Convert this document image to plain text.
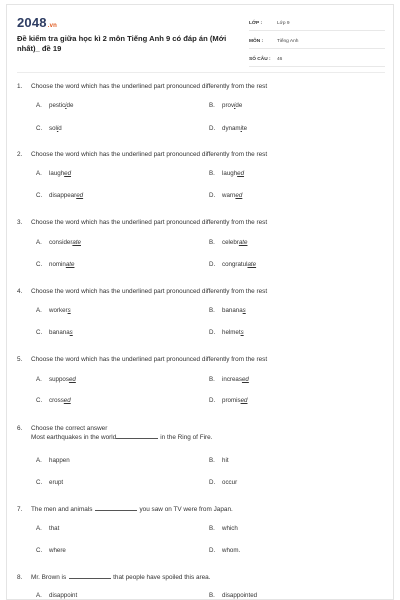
2048.vn
Đề kiểm tra giữa học kì 2 môn Tiếng Anh 9 có đáp án (Mới nhất)_ đề 19
LỚP :	Lớp 9
MÔN :	Tiếng Anh
SỐ CÂU :	46
1.	Choose the word which has the underlined part pronounced differently from the rest
A. pesticide	B. provide
C. solid	D. dynamite
2.	Choose the word which has the underlined part pronounced differently from the rest
A. laughed	B. laughed
C. disappeared	D. warned
3.	Choose the word which has the underlined part pronounced differently from the rest
A. considerate	B. celebrate
C. nominate	D. congratulate
4.	Choose the word which has the underlined part pronounced differently from the rest
A. workers	B. bananas
C. bananas	D. helmets
5.	Choose the word which has the underlined part pronounced differently from the rest
A. supposed	B. increased
C. crossed	D. promised
6.	Choose the correct answer
Most earthquakes in the world	in the Ring of Fire.
A. happen	B. hit
C. erupt	D. occur
7.	The men and animals	you saw on TV were from Japan.
A. that	B. which
C. where	D. whom.
8.	Mr. Brown is	that people have spoiled this area.
A. disappoint	B. disappointed
